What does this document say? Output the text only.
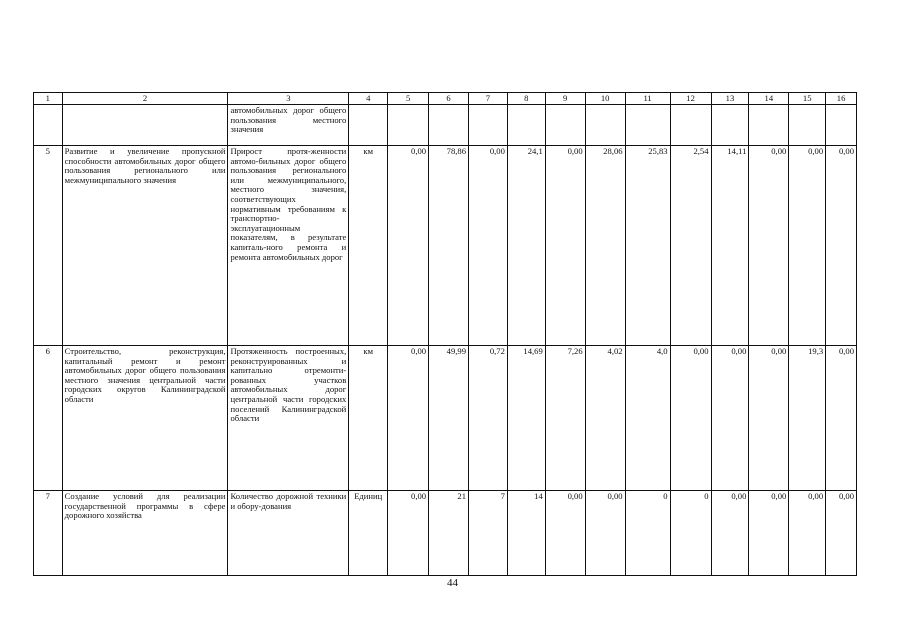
1	2	3	4	5	6	7	8	9	10	11	12	13	14	15	16
		автомобильных дорог общего пользования местного значения													
5	Развитие и увеличение пропускной способности автомобильных дорог общего пользования регионального или межмуниципального значения	Прирост протя-женности автомо-бильных дорог общего пользования регионального или межмуниципального, местного значения, соответствующих нормативным требованиям к транспортно-эксплуатационным показателям, в результате капиталь-ного ремонта и ремонта автомобильных дорог	км	0,00	78,86	0,00	24,1	0,00	28,06	25,83	2,54	14,11	0,00	0,00	0,00
6	Строительство, реконструкция, капитальный ремонт и ремонт автомобильных дорог общего пользования местного значения центральной части городских округов Калининградской области	Протяженность построенных, реконструированных и капитально отремонти-рованных участков автомобильных дорог центральной части городских поселений Калининградской области	км	0,00	49,99	0,72	14,69	7,26	4,02	4,0	0,00	0,00	0,00	19,3	0,00
7	Создание условий для реализации государственной программы в сфере дорожного хозяйства	Количество дорожной техники и обору-дования	Единиц	0,00	21	7	14	0,00	0,00	0	0	0,00	0,00	0,00	0,00
44
